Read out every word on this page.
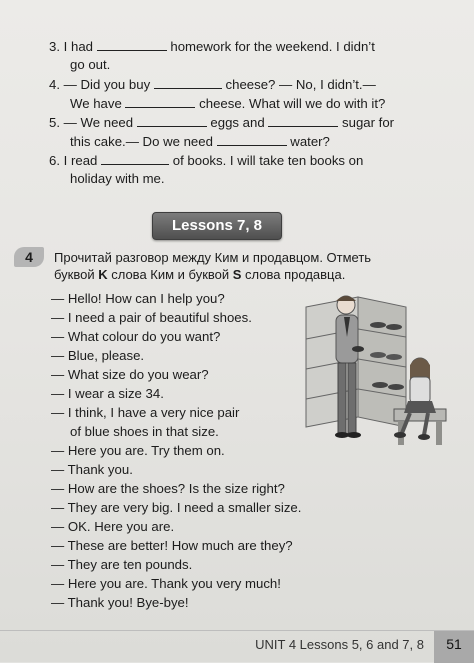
3. I had	homework for the weekend. I didn’t
go out.
4. — Did you buy	cheese? — No, I didn’t.—
We have	cheese. What will we do with it?
5. — We need	eggs and	sugar for
this cake.— Do we need	water?
6. I read	of books. I will take ten books on
holiday with me.
Lessons 7, 8
4	Прочитай разговор между Ким и продавцом. Отметь
буквой K слова Ким и буквой S слова продавца.
— Hello! How can I help you?
— I need a pair of beautiful shoes.
— What colour do you want?
— Blue, please.
— What size do you wear?
— I wear a size 34.
— I think, I have a very nice pair
of blue shoes in that size.
— Here you are. Try them on.
— Thank you.
— How are the shoes? Is the size right?
— They are very big. I need a smaller size.
— OK. Here you are.
— These are better! How much are they?
— They are ten pounds.
— Here you are. Thank you very much!
— Thank you! Bye-bye!
UNIT 4 Lessons 5, 6 and 7, 8	51
